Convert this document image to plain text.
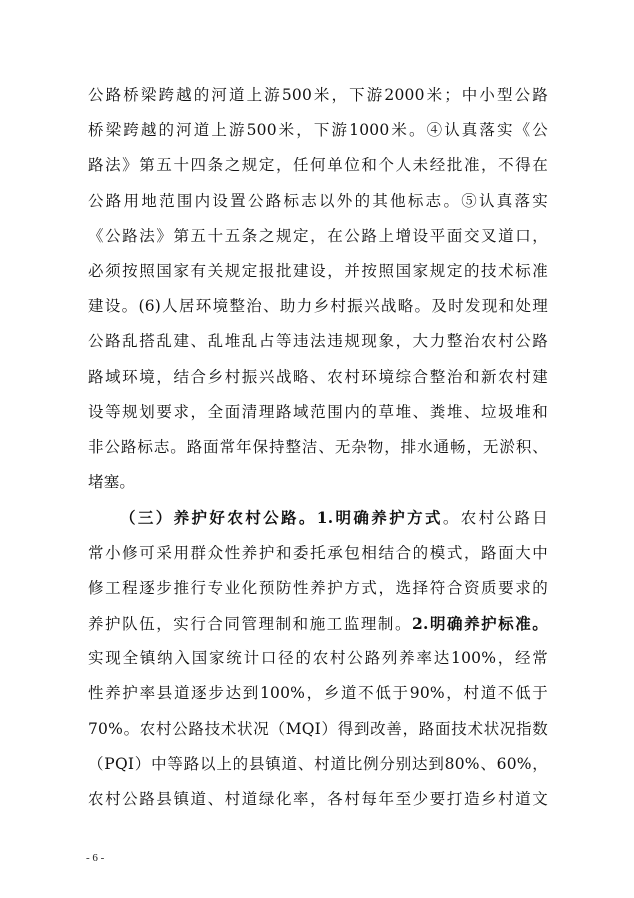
公路桥梁跨越的河道上游500米，下游2000米；中小型公路
桥梁跨越的河道上游500米，下游1000米。④认真落实《公
路法》第五十四条之规定，任何单位和个人未经批准，不得在
公路用地范围内设置公路标志以外的其他标志。⑤认真落实
《公路法》第五十五条之规定，在公路上增设平面交叉道口，
必须按照国家有关规定报批建设，并按照国家规定的技术标准
建设。(6)人居环境整治、助力乡村振兴战略。及时发现和处理
公路乱搭乱建、乱堆乱占等违法违规现象，大力整治农村公路
路域环境，结合乡村振兴战略、农村环境综合整治和新农村建
设等规划要求，全面清理路域范围内的草堆、粪堆、垃圾堆和
非公路标志。路面常年保持整洁、无杂物，排水通畅，无淤积、
堵塞。
（三）养护好农村公路。1.明确养护方式。农村公路日
常小修可采用群众性养护和委托承包相结合的模式，路面大中
修工程逐步推行专业化预防性养护方式，选择符合资质要求的
养护队伍，实行合同管理制和施工监理制。2.明确养护标准。
实现全镇纳入国家统计口径的农村公路列养率达100%，经常
性养护率县道逐步达到100%，乡道不低于90%，村道不低于
70%。农村公路技术状况（MQI）得到改善，路面技术状况指数
（PQI）中等路以上的县镇道、村道比例分别达到80%、60%，
农村公路县镇道、村道绿化率，各村每年至少要打造乡村道文
- 6 -
